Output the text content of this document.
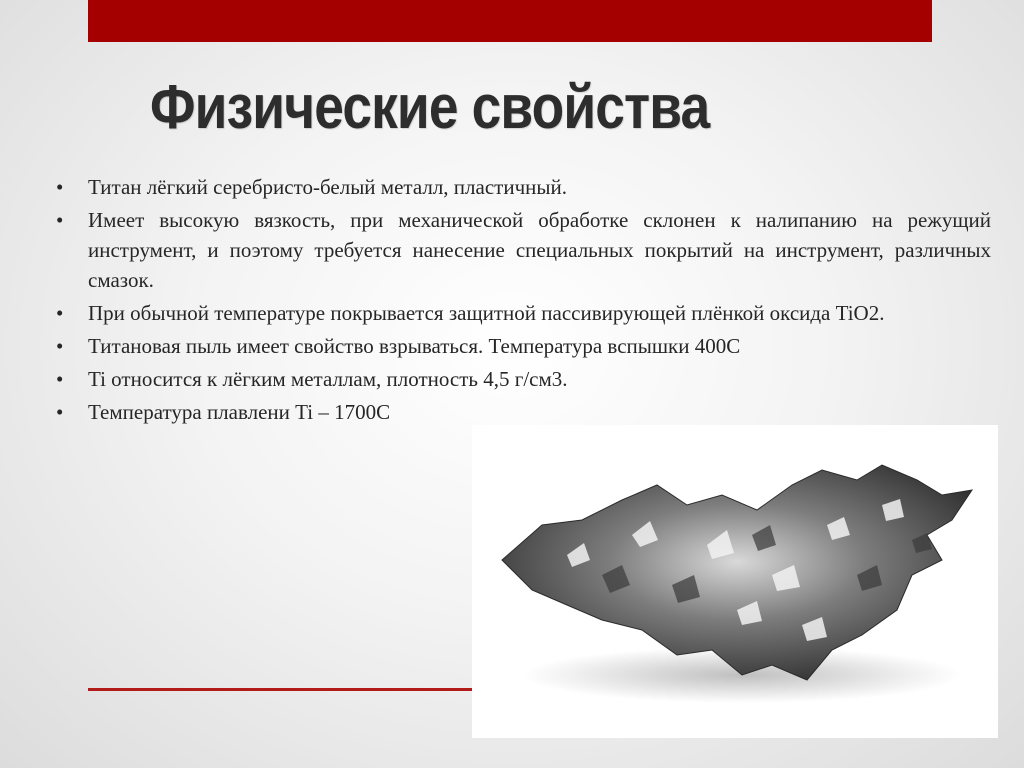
Физические свойства
• Титан лёгкий серебристо-белый металл, пластичный.
• Имеет высокую вязкость, при механической обработке склонен к налипанию на режущий инструмент, и поэтому требуется нанесение специальных покрытий на инструмент, различных смазок.
• При обычной температуре покрывается защитной пассивирующей плёнкой оксида TiO2.
• Титановая пыль имеет свойство взрываться. Температура вспышки 400С
• Ti относится к лёгким металлам, плотность 4,5 г/см3.
• Температура плавлени Ti – 1700С
